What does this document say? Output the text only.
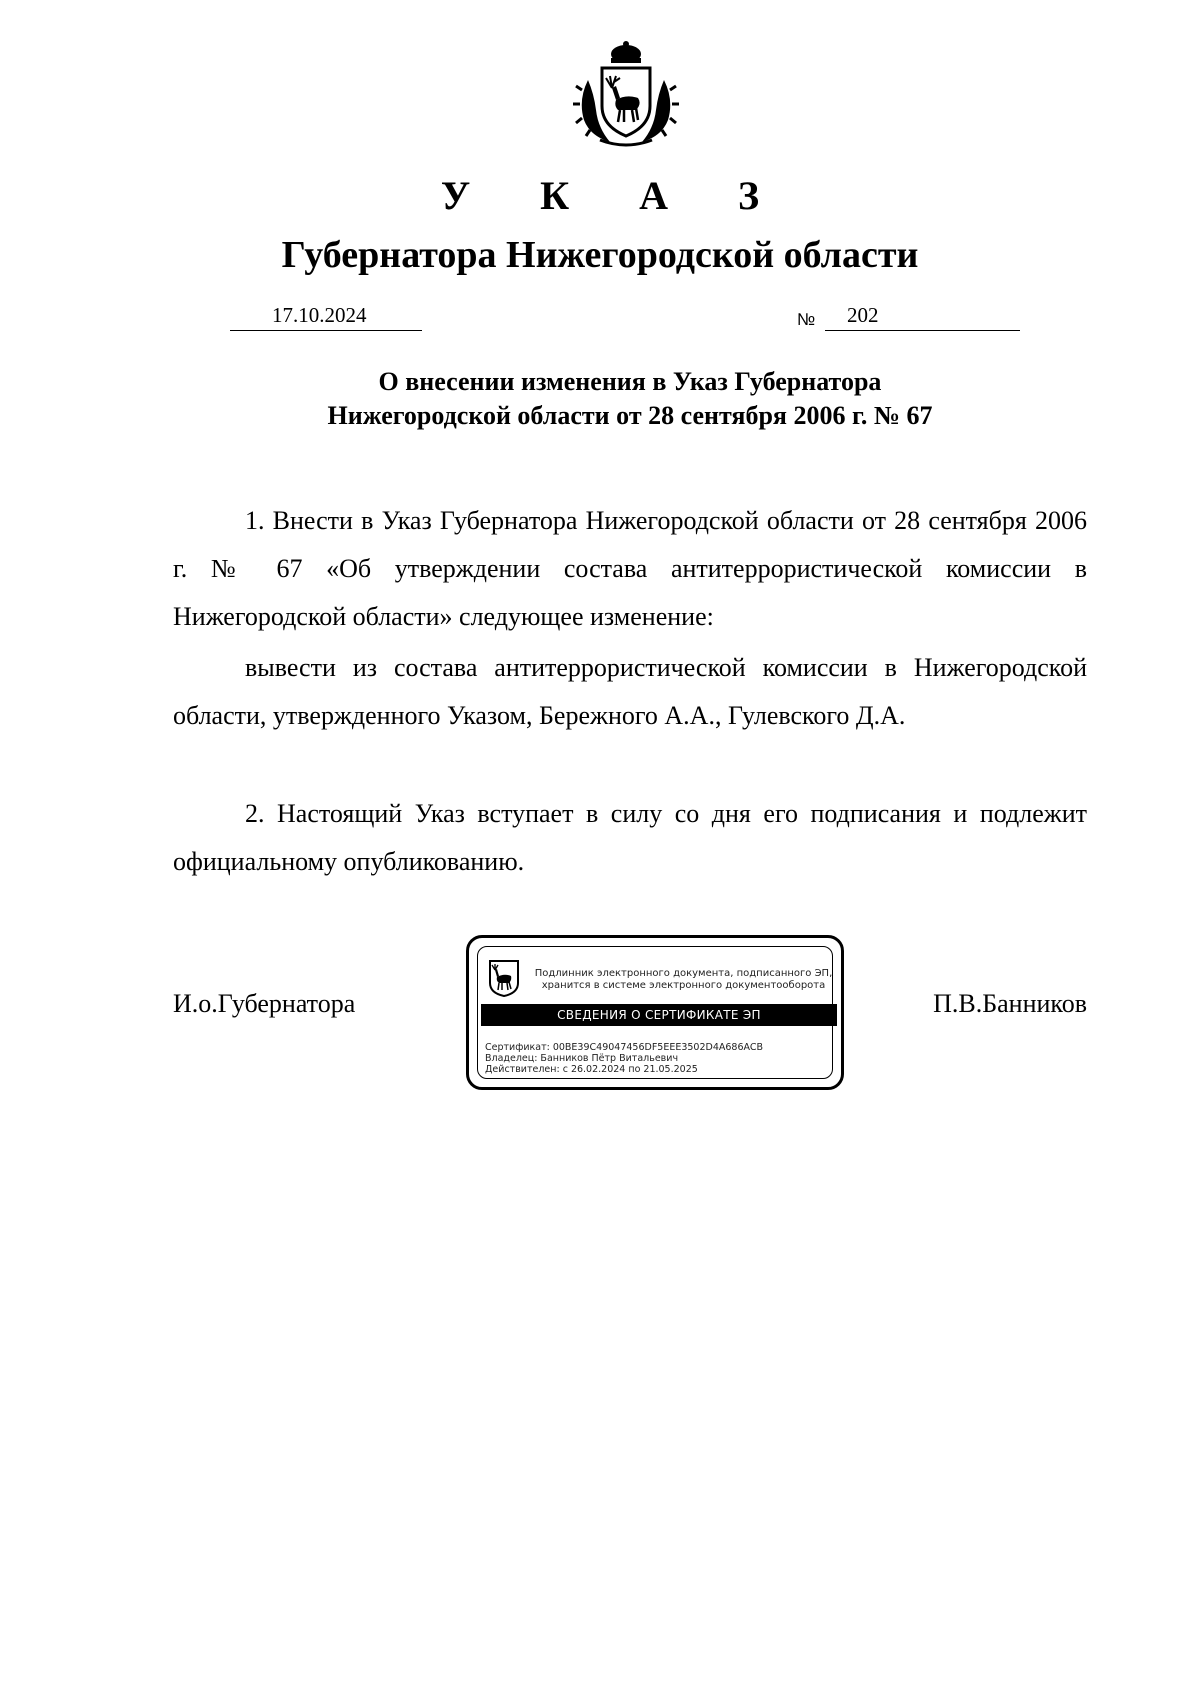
У К А З
Губернатора Нижегородской области
17.10.2024	№ 202
О внесении изменения в Указ Губернатора
Нижегородской области от 28 сентября 2006 г. № 67

1. Внести в Указ Губернатора Нижегородской области от 28 сентября 2006 г. № 67 «Об утверждении состава антитеррористической комиссии в Нижегородской области» следующее изменение:

вывести из состава антитеррористической комиссии в Нижегородской области, утвержденного Указом, Бережного А.А., Гулевского Д.А.

2. Настоящий Указ вступает в силу со дня его подписания и подлежит официальному опубликованию.

И.о.Губернатора	П.В.Банников
Подлинник электронного документа, подписанного ЭП,
хранится в системе электронного документооборота
СВЕДЕНИЯ О СЕРТИФИКАТЕ ЭП
Сертификат: 00BE39C49047456DF5EEE3502D4A686ACB
Владелец: Банников Пётр Витальевич
Действителен: с 26.02.2024 по 21.05.2025
